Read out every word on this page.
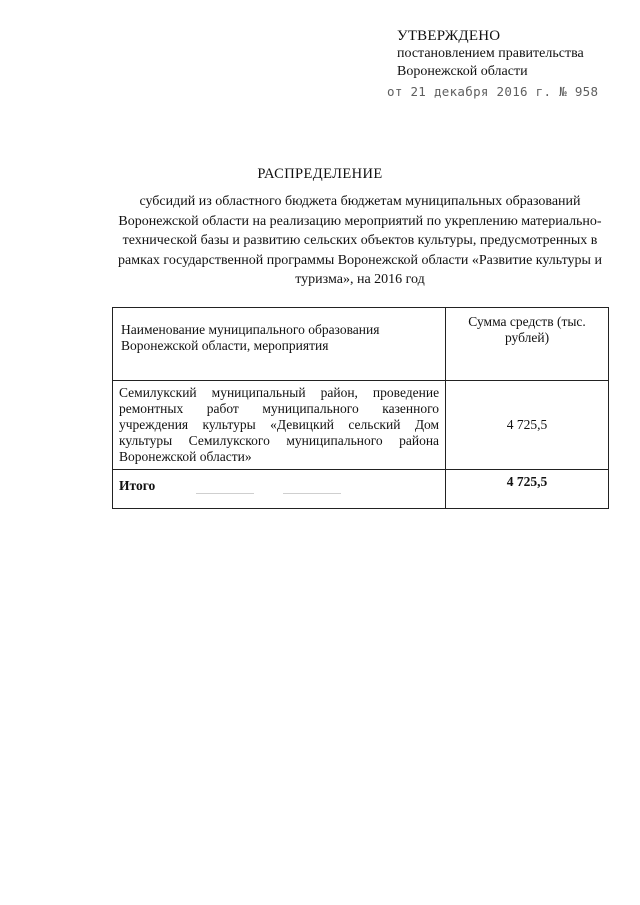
УТВЕРЖДЕНО
постановлением правительства
Воронежской области
от 21 декабря 2016 г. № 958
РАСПРЕДЕЛЕНИЕ
субсидий из областного бюджета бюджетам муниципальных образований Воронежской области на реализацию мероприятий по укреплению материально-технической базы и развитию сельских объектов культуры, предусмотренных в рамках государственной программы Воронежской области «Развитие культуры и туризма», на 2016 год
Наименование муниципального образования Воронежской области, мероприятия	Сумма средств (тыс. рублей)
Семилукский муниципальный район, проведение ремонтных работ муниципального казенного учреждения культуры «Девицкий сельский Дом культуры Семилукского муниципального района Воронежской области»	4 725,5
Итого	4 725,5
